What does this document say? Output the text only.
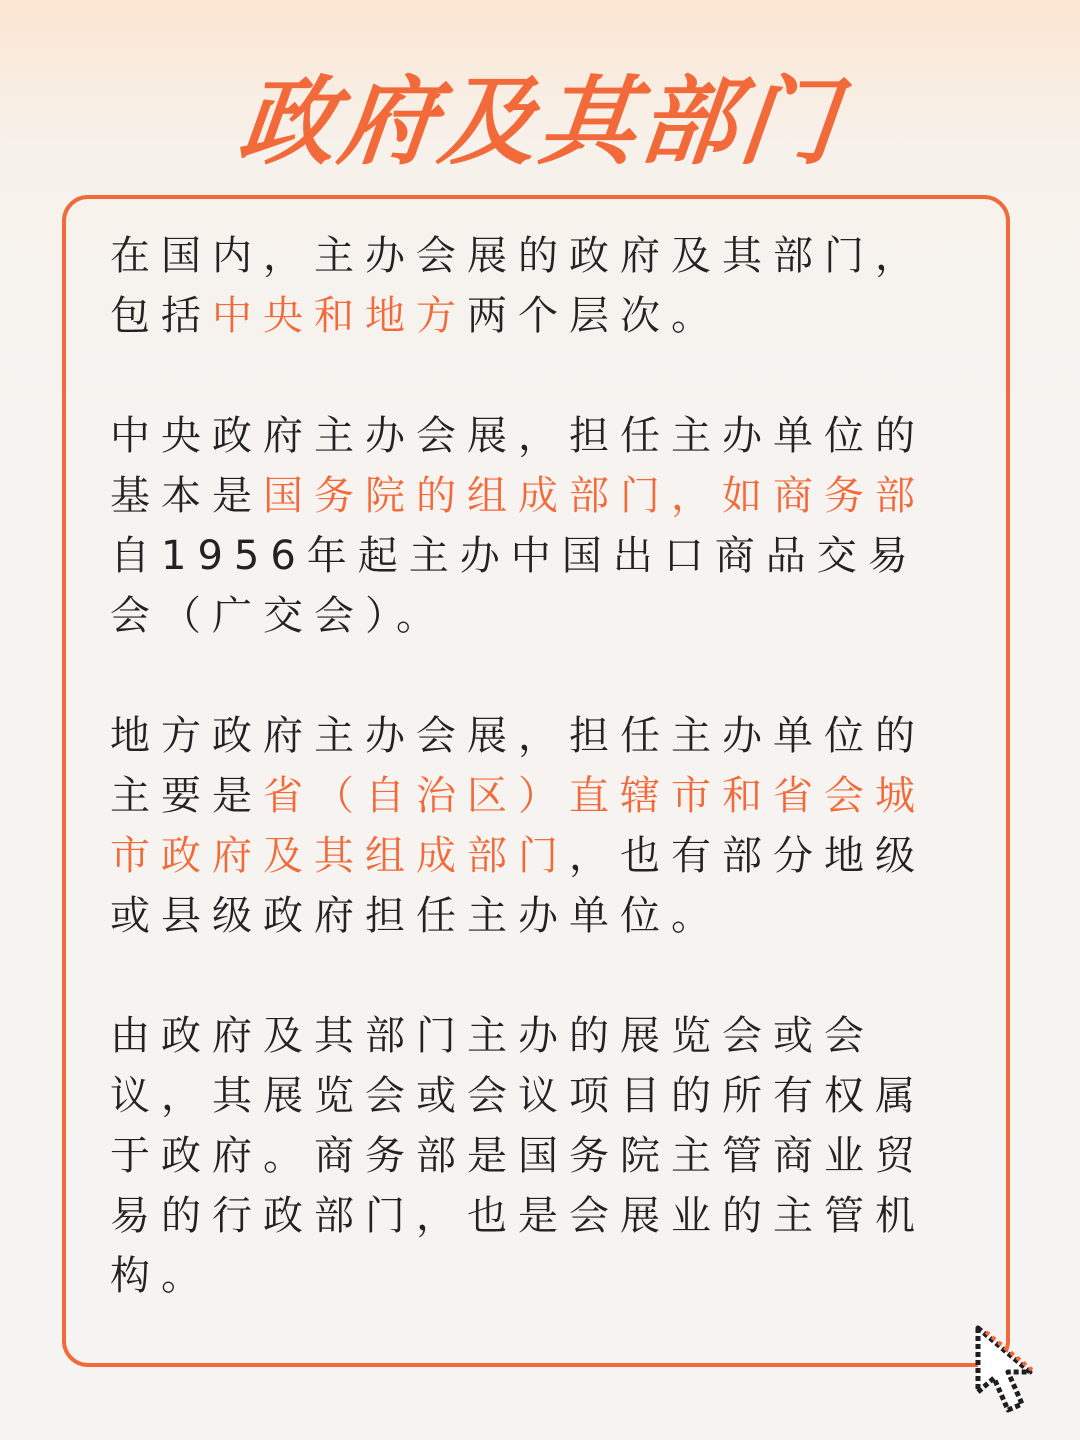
政府及其部门

在国内，主办会展的政府及其部门，包括中央和地方两个层次。

中央政府主办会展，担任主办单位的基本是国务院的组成部门，如商务部自1956年起主办中国出口商品交易会（广交会）。

地方政府主办会展，担任主办单位的主要是省（自治区）直辖市和省会城市政府及其组成部门，也有部分地级或县级政府担任主办单位。

由政府及其部门主办的展览会或会议，其展览会或会议项目的所有权属于政府。商务部是国务院主管商业贸易的行政部门，也是会展业的主管机构。
